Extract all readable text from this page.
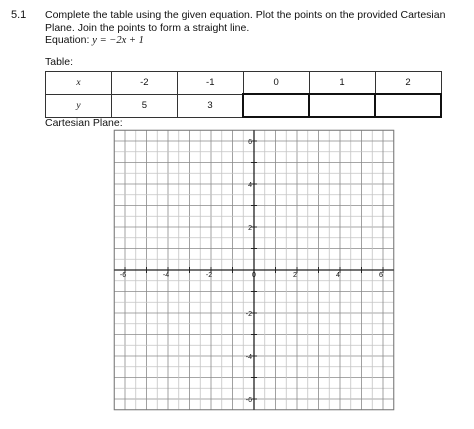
5.1 Complete the table using the given equation. Plot the points on the provided Cartesian
Plane. Join the points to form a straight line.
Equation: y = −2x + 1
Table:
x	-2	-1	0	1	2
y	5	3			
Cartesian Plane:
-6	-4	-2	0	2	4	6
6
4
2
-2
-4
-6
